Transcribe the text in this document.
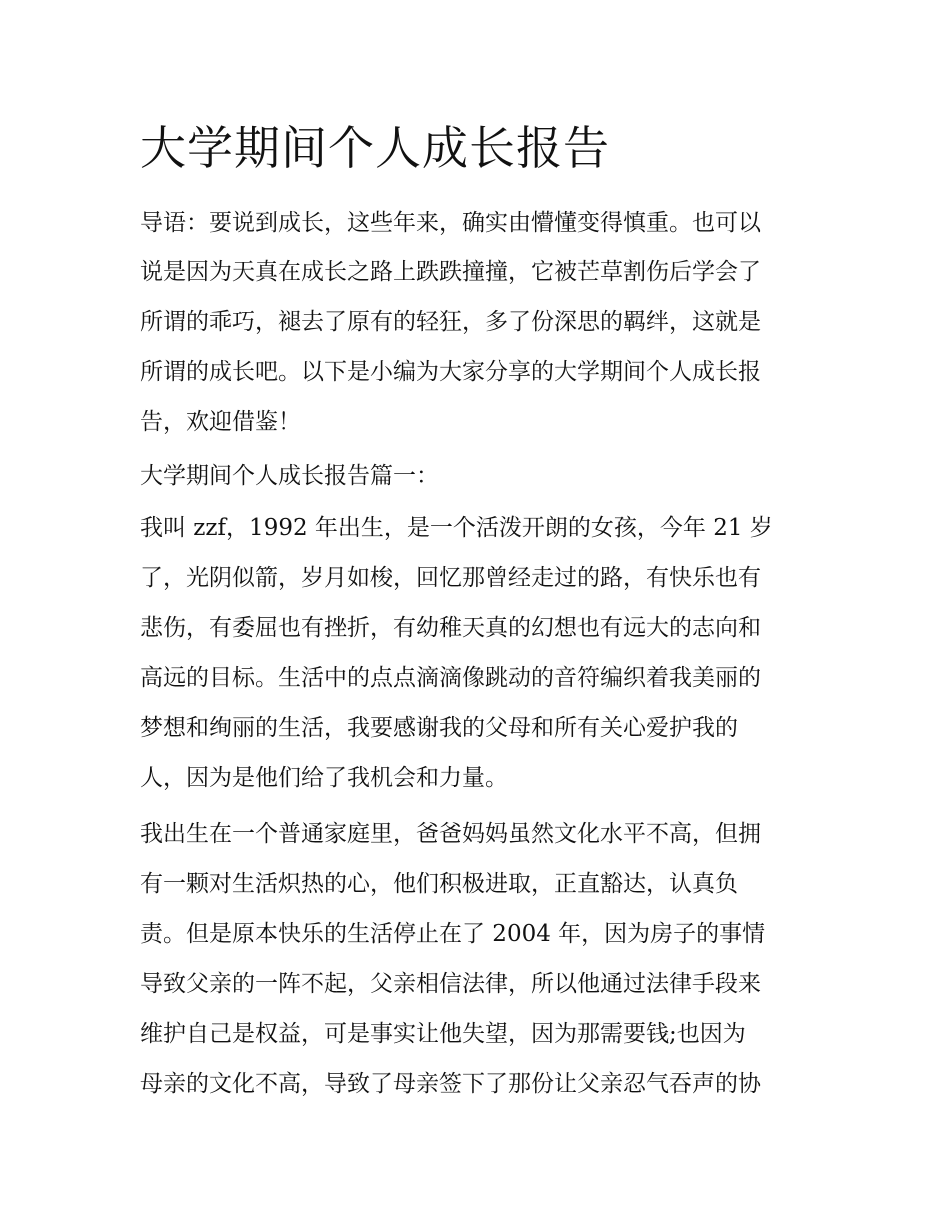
大学期间个人成长报告

导语：要说到成长，这些年来，确实由懵懂变得慎重。也可以

说是因为天真在成长之路上跌跌撞撞，它被芒草割伤后学会了

所谓的乖巧，褪去了原有的轻狂，多了份深思的羁绊，这就是

所谓的成长吧。以下是小编为大家分享的大学期间个人成长报

告，欢迎借鉴！

大学期间个人成长报告篇一：

我叫 zzf，1992 年出生，是一个活泼开朗的女孩，今年 21 岁

了，光阴似箭，岁月如梭，回忆那曾经走过的路，有快乐也有

悲伤，有委屈也有挫折，有幼稚天真的幻想也有远大的志向和

高远的目标。生活中的点点滴滴像跳动的音符编织着我美丽的

梦想和绚丽的生活，我要感谢我的父母和所有关心爱护我的

人，因为是他们给了我机会和力量。

我出生在一个普通家庭里，爸爸妈妈虽然文化水平不高，但拥

有一颗对生活炽热的心，他们积极进取，正直豁达，认真负

责。但是原本快乐的生活停止在了 2004 年，因为房子的事情

导致父亲的一阵不起，父亲相信法律，所以他通过法律手段来

维护自己是权益，可是事实让他失望，因为那需要钱;也因为

母亲的文化不高，导致了母亲签下了那份让父亲忍气吞声的协
